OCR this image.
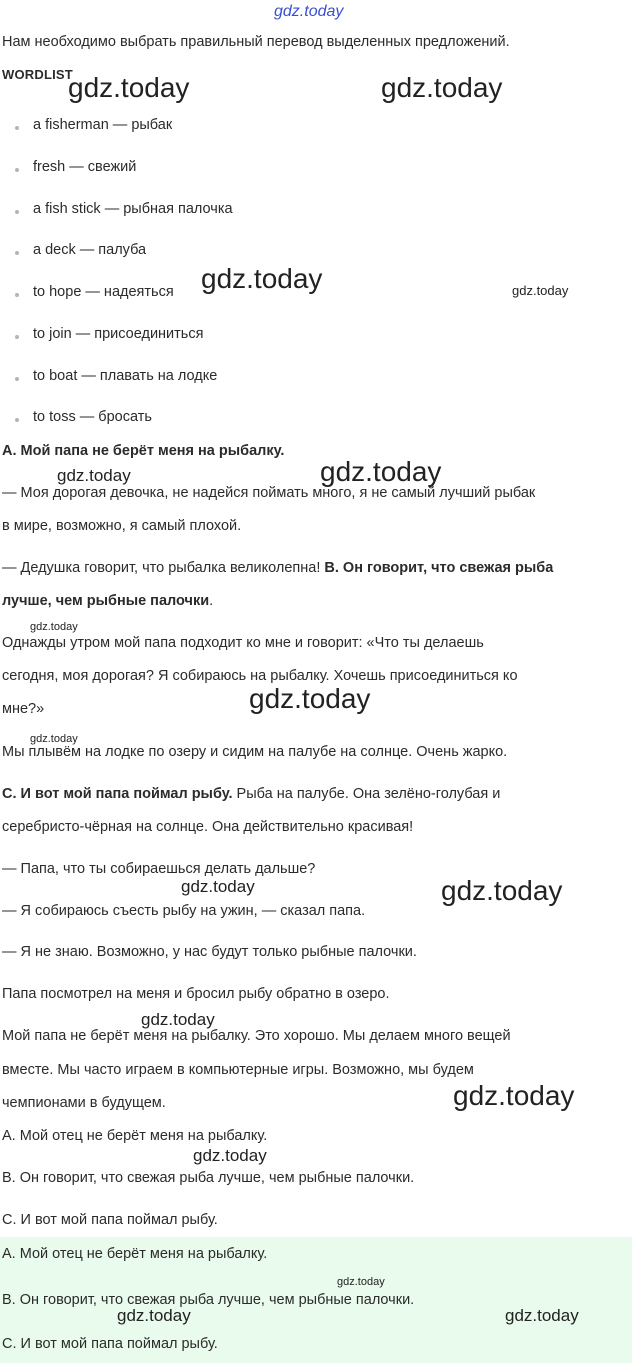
gdz.today
Нам необходимо выбрать правильный перевод выделенных предложений.
WORDLIST
a fisherman — рыбак
fresh — свежий
a fish stick — рыбная палочка
a deck — палуба
to hope — надеяться
to join — присоединиться
to boat — плавать на лодке
to toss — бросать
A. Мой папа не берёт меня на рыбалку.
— Моя дорогая девочка, не надейся поймать много, я не самый лучший рыбак
в мире, возможно, я самый плохой.
— Дедушка говорит, что рыбалка великолепна! B. Он говорит, что свежая рыба
лучше, чем рыбные палочки.
Однажды утром мой папа подходит ко мне и говорит: «Что ты делаешь
сегодня, моя дорогая? Я собираюсь на рыбалку. Хочешь присоединиться ко
мне?»
Мы плывём на лодке по озеру и сидим на палубе на солнце. Очень жарко.
C. И вот мой папа поймал рыбу. Рыба на палубе. Она зелёно-голубая и
серебристо-чёрная на солнце. Она действительно красивая!
— Папа, что ты собираешься делать дальше?
— Я собираюсь съесть рыбу на ужин, — сказал папа.
— Я не знаю. Возможно, у нас будут только рыбные палочки.
Папа посмотрел на меня и бросил рыбу обратно в озеро.
Мой папа не берёт меня на рыбалку. Это хорошо. Мы делаем много вещей
вместе. Мы часто играем в компьютерные игры. Возможно, мы будем
чемпионами в будущем.
A. Мой отец не берёт меня на рыбалку.
B. Он говорит, что свежая рыба лучше, чем рыбные палочки.
C. И вот мой папа поймал рыбу.
A. Мой отец не берёт меня на рыбалку.
B. Он говорит, что свежая рыба лучше, чем рыбные палочки.
C. И вот мой папа поймал рыбу.
gdz.today	gdz.today
gdz.today	gdz.today
gdz.today	gdz.today
gdz.today
gdz.today
gdz.today
gdz.today	gdz.today
gdz.today
gdz.today
gdz.today
gdz.today
gdz.today	gdz.today
